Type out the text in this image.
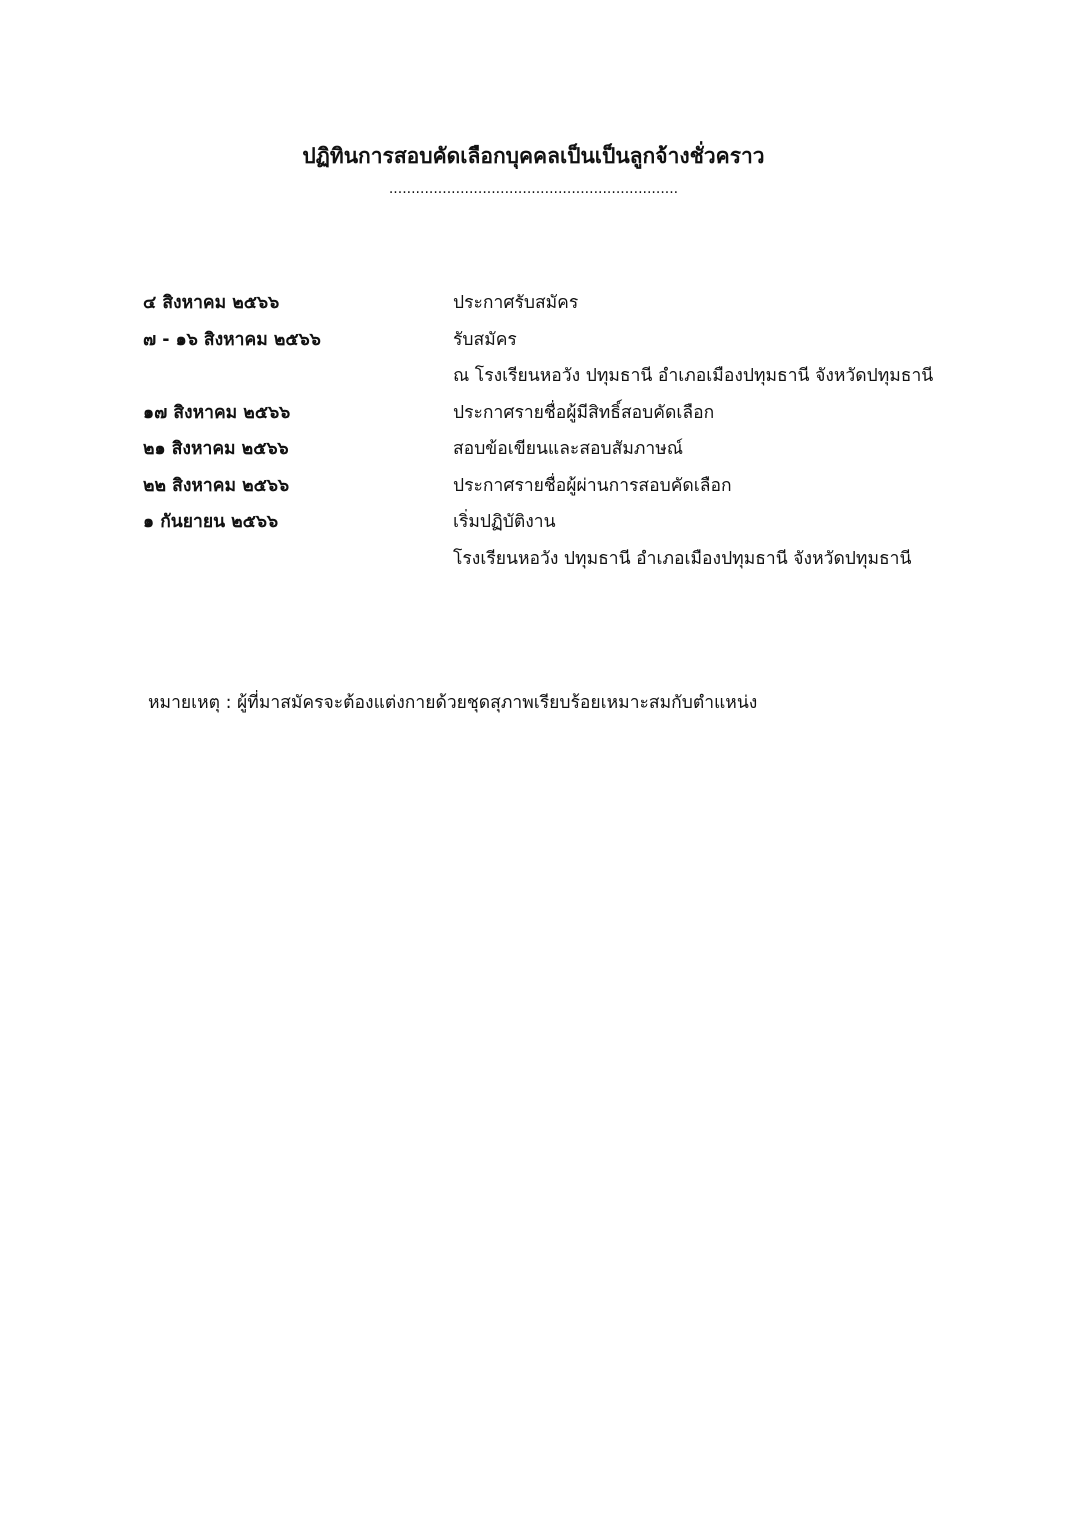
ปฏิทินการสอบคัดเลือกบุคคลเป็นเป็นลูกจ้างชั่วคราว
.................................................................
๔ สิงหาคม ๒๕๖๖	ประกาศรับสมัคร
๗ - ๑๖ สิงหาคม ๒๕๖๖	รับสมัคร
ณ โรงเรียนหอวัง ปทุมธานี อำเภอเมืองปทุมธานี จังหวัดปทุมธานี
๑๗ สิงหาคม ๒๕๖๖	ประกาศรายชื่อผู้มีสิทธิ์สอบคัดเลือก
๒๑ สิงหาคม ๒๕๖๖	สอบข้อเขียนและสอบสัมภาษณ์
๒๒ สิงหาคม ๒๕๖๖	ประกาศรายชื่อผู้ผ่านการสอบคัดเลือก
๑ กันยายน ๒๕๖๖	เริ่มปฏิบัติงาน
โรงเรียนหอวัง ปทุมธานี อำเภอเมืองปทุมธานี จังหวัดปทุมธานี
หมายเหตุ : ผู้ที่มาสมัครจะต้องแต่งกายด้วยชุดสุภาพเรียบร้อยเหมาะสมกับตำแหน่ง
